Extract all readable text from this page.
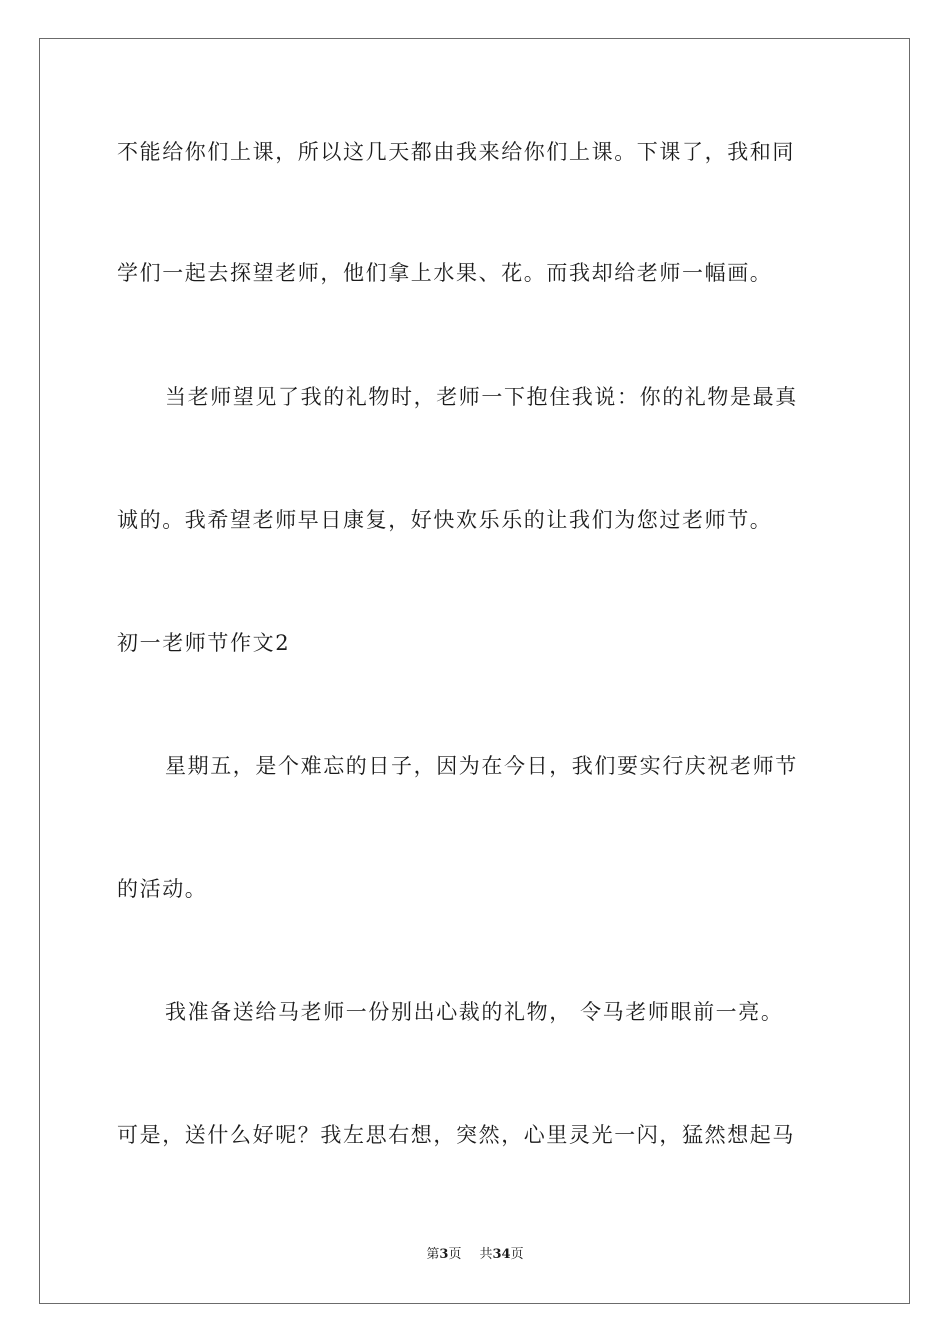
不能给你们上课，所以这几天都由我来给你们上课。下课了，我和同
学们一起去探望老师，他们拿上水果、花。而我却给老师一幅画。
当老师望见了我的礼物时，老师一下抱住我说：你的礼物是最真
诚的。我希望老师早日康复，好快欢乐乐的让我们为您过老师节。
初一老师节作文2
星期五，是个难忘的日子，因为在今日，我们要实行庆祝老师节
的活动。
我准备送给马老师一份别出心裁的礼物， 令马老师眼前一亮。
可是，送什么好呢？我左思右想，突然，心里灵光一闪，猛然想起马
第3页 共34页
